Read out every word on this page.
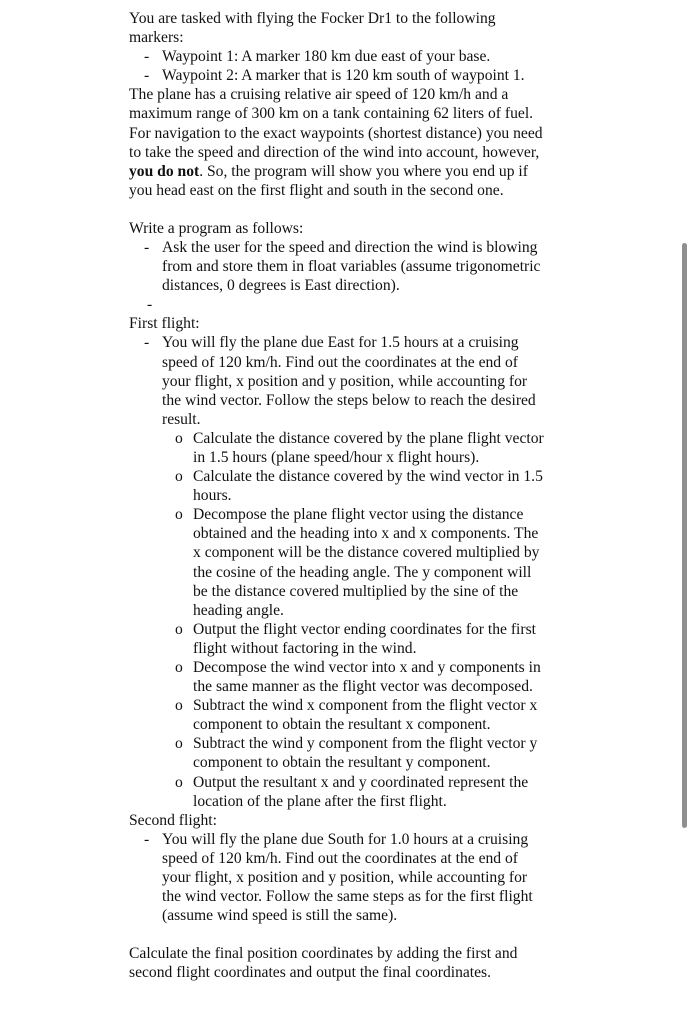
You are tasked with flying the Focker Dr1 to the following markers:

- Waypoint 1: A marker 180 km due east of your base.
- Waypoint 2: A marker that is 120 km south of waypoint 1.

The plane has a cruising relative air speed of 120 km/h and a maximum range of 300 km on a tank containing 62 liters of fuel. For navigation to the exact waypoints (shortest distance) you need to take the speed and direction of the wind into account, however, you do not. So, the program will show you where you end up if you head east on the first flight and south in the second one.

Write a program as follows:

- Ask the user for the speed and direction the wind is blowing from and store them in float variables (assume trigonometric distances, 0 degrees is East direction).
-

First flight:

- You will fly the plane due East for 1.5 hours at a cruising speed of 120 km/h. Find out the coordinates at the end of your flight, x position and y position, while accounting for the wind vector. Follow the steps below to reach the desired result.
o Calculate the distance covered by the plane flight vector in 1.5 hours (plane speed/hour x flight hours).
o Calculate the distance covered by the wind vector in 1.5 hours.
o Decompose the plane flight vector using the distance obtained and the heading into x and x components. The x component will be the distance covered multiplied by the cosine of the heading angle. The y component will be the distance covered multiplied by the sine of the heading angle.
o Output the flight vector ending coordinates for the first flight without factoring in the wind.
o Decompose the wind vector into x and y components in the same manner as the flight vector was decomposed.
o Subtract the wind x component from the flight vector x component to obtain the resultant x component.
o Subtract the wind y component from the flight vector y component to obtain the resultant y component.
o Output the resultant x and y coordinated represent the location of the plane after the first flight.

Second flight:

- You will fly the plane due South for 1.0 hours at a cruising speed of 120 km/h. Find out the coordinates at the end of your flight, x position and y position, while accounting for the wind vector. Follow the same steps as for the first flight (assume wind speed is still the same).

Calculate the final position coordinates by adding the first and second flight coordinates and output the final coordinates.
